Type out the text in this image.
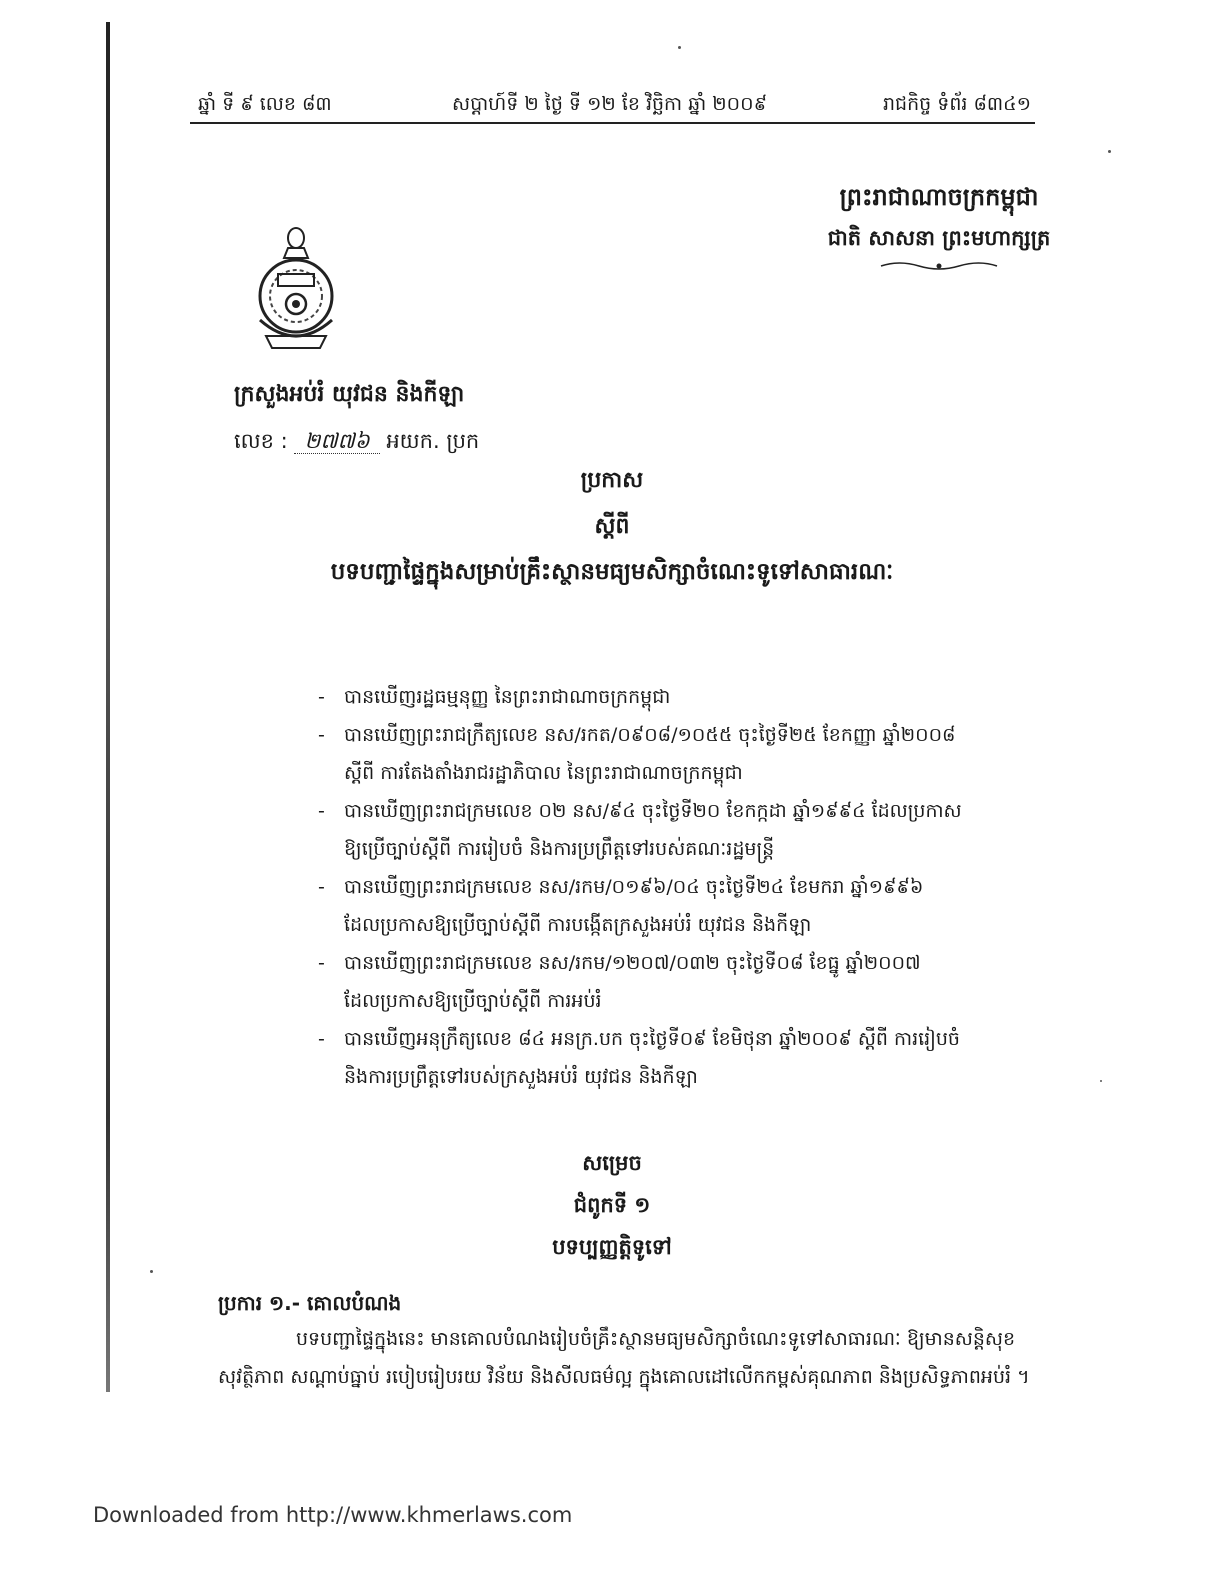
ឆ្នាំ ទី ៩ លេខ ៨៣	សប្តាហ៍ទី ២ ថ្ងៃ ទី ១២ ខែ វិច្ឆិកា ឆ្នាំ ២០០៩	រាជកិច្ច ទំព័រ ៨៣៤១
ព្រះរាជាណាចក្រកម្ពុជា
ជាតិ សាសនា ព្រះមហាក្សត្រ
ក្រសួងអប់រំ យុវជន និងកីឡា
លេខ : ២៧៧៦ អយក. ប្រក
ប្រកាស
ស្តីពី
បទបញ្ជាផ្ទៃក្នុងសម្រាប់គ្រឹះស្ថានមធ្យមសិក្សាចំណេះទូទៅសាធារណៈ
- បានឃើញរដ្ឋធម្មនុញ្ញ នៃព្រះរាជាណាចក្រកម្ពុជា
- បានឃើញព្រះរាជក្រឹត្យលេខ នស/រកត/០៩០៨/១០៥៥ ចុះថ្ងៃទី២៥ ខែកញ្ញា ឆ្នាំ២០០៨
ស្តីពី ការតែងតាំងរាជរដ្ឋាភិបាល នៃព្រះរាជាណាចក្រកម្ពុជា
- បានឃើញព្រះរាជក្រមលេខ ០២ នស/៩៤ ចុះថ្ងៃទី២០ ខែកក្កដា ឆ្នាំ១៩៩៤ ដែលប្រកាស
ឱ្យប្រើច្បាប់ស្តីពី ការរៀបចំ និងការប្រព្រឹត្តទៅរបស់គណៈរដ្ឋមន្ត្រី
- បានឃើញព្រះរាជក្រមលេខ នស/រកម/០១៩៦/០៤ ចុះថ្ងៃទី២៤ ខែមករា ឆ្នាំ១៩៩៦
ដែលប្រកាសឱ្យប្រើច្បាប់ស្តីពី ការបង្កើតក្រសួងអប់រំ យុវជន និងកីឡា
- បានឃើញព្រះរាជក្រមលេខ នស/រកម/១២០៧/០៣២ ចុះថ្ងៃទី០៨ ខែធ្នូ ឆ្នាំ២០០៧
ដែលប្រកាសឱ្យប្រើច្បាប់ស្តីពី ការអប់រំ
- បានឃើញអនុក្រឹត្យលេខ ៨៤ អនក្រ.បក ចុះថ្ងៃទី០៩ ខែមិថុនា ឆ្នាំ២០០៩ ស្តីពី ការរៀបចំ
និងការប្រព្រឹត្តទៅរបស់ក្រសួងអប់រំ យុវជន និងកីឡា
សម្រេច
ជំពូកទី ១
បទប្បញ្ញត្តិទូទៅ
ប្រការ ១.- គោលបំណង
បទបញ្ជាផ្ទៃក្នុងនេះ មានគោលបំណងរៀបចំគ្រឹះស្ថានមធ្យមសិក្សាចំណេះទូទៅសាធារណៈ ឱ្យមានសន្តិសុខ សុវត្ថិភាព សណ្តាប់ធ្នាប់ របៀបរៀបរយ វិន័យ និងសីលធម៌ល្អ ក្នុងគោលដៅលើកកម្ពស់គុណភាព និងប្រសិទ្ធភាពអប់រំ ។
Downloaded from http://www.khmerlaws.com
